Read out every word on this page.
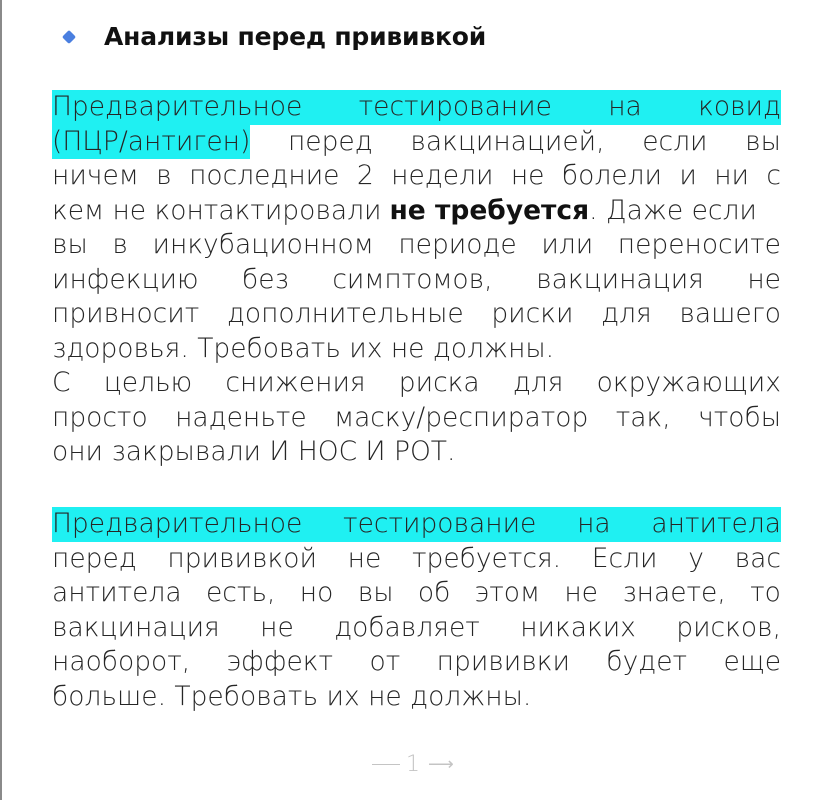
Анализы перед прививкой
Предварительное тестирование на ковид
(ПЦР/антиген) перед вакцинацией, если вы
ничем в последние 2 недели не болели и ни с
кем не контактировали не требуется . Даже если
вы в инкубационном периоде или переносите
инфекцию без симптомов, вакцинация не
привносит дополнительные риски для вашего
здоровья. Требовать их не должны.
С целью снижения риска для окружающих
просто наденьте маску/респиратор так, чтобы
они закрывали И НОС И РОТ.
Предварительное тестирование на антитела
перед прививкой не требуется. Если у вас
антитела есть, но вы об этом не знаете, то
вакцинация не добавляет никаких рисков,
наоборот, эффект от прививки будет еще
больше. Требовать их не должны.
1 ⟶
